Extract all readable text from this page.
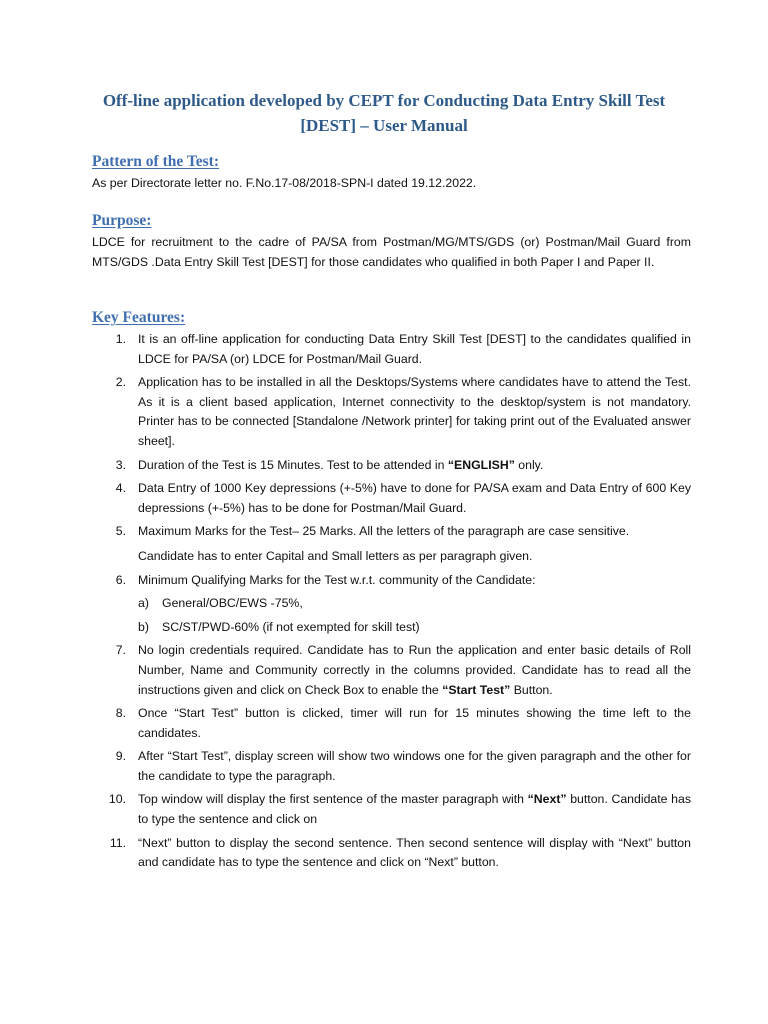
Off-line application developed by CEPT for Conducting Data Entry Skill Test [DEST] – User Manual
Pattern of the Test:

As per Directorate letter no. F.No.17-08/2018-SPN-I dated 19.12.2022.

Purpose:

LDCE for recruitment to the cadre of PA/SA from Postman/MG/MTS/GDS (or) Postman/Mail Guard from MTS/GDS .Data Entry Skill Test [DEST] for those candidates who qualified in both Paper I and Paper II.

Key Features:
1. It is an off-line application for conducting Data Entry Skill Test [DEST] to the candidates qualified in LDCE for PA/SA (or) LDCE for Postman/Mail Guard.
2. Application has to be installed in all the Desktops/Systems where candidates have to attend the Test. As it is a client based application, Internet connectivity to the desktop/system is not mandatory. Printer has to be connected [Standalone /Network printer] for taking print out of the Evaluated answer sheet].
3. Duration of the Test is 15 Minutes. Test to be attended in “ENGLISH” only.
4. Data Entry of 1000 Key depressions (+-5%) have to done for PA/SA exam and Data Entry of 600 Key depressions (+-5%) has to be done for Postman/Mail Guard.
5. Maximum Marks for the Test– 25 Marks. All the letters of the paragraph are case sensitive.
Candidate has to enter Capital and Small letters as per paragraph given.
6. Minimum Qualifying Marks for the Test w.r.t. community of the Candidate:
a) General/OBC/EWS -75%,
b) SC/ST/PWD-60% (if not exempted for skill test)
7. No login credentials required. Candidate has to Run the application and enter basic details of Roll Number, Name and Community correctly in the columns provided. Candidate has to read all the instructions given and click on Check Box to enable the “Start Test” Button.
8. Once “Start Test” button is clicked, timer will run for 15 minutes showing the time left to the candidates.
9. After “Start Test”, display screen will show two windows one for the given paragraph and the other for the candidate to type the paragraph.
10. Top window will display the first sentence of the master paragraph with “Next” button. Candidate has to type the sentence and click on
11. “Next” button to display the second sentence. Then second sentence will display with “Next” button and candidate has to type the sentence and click on “Next” button.
